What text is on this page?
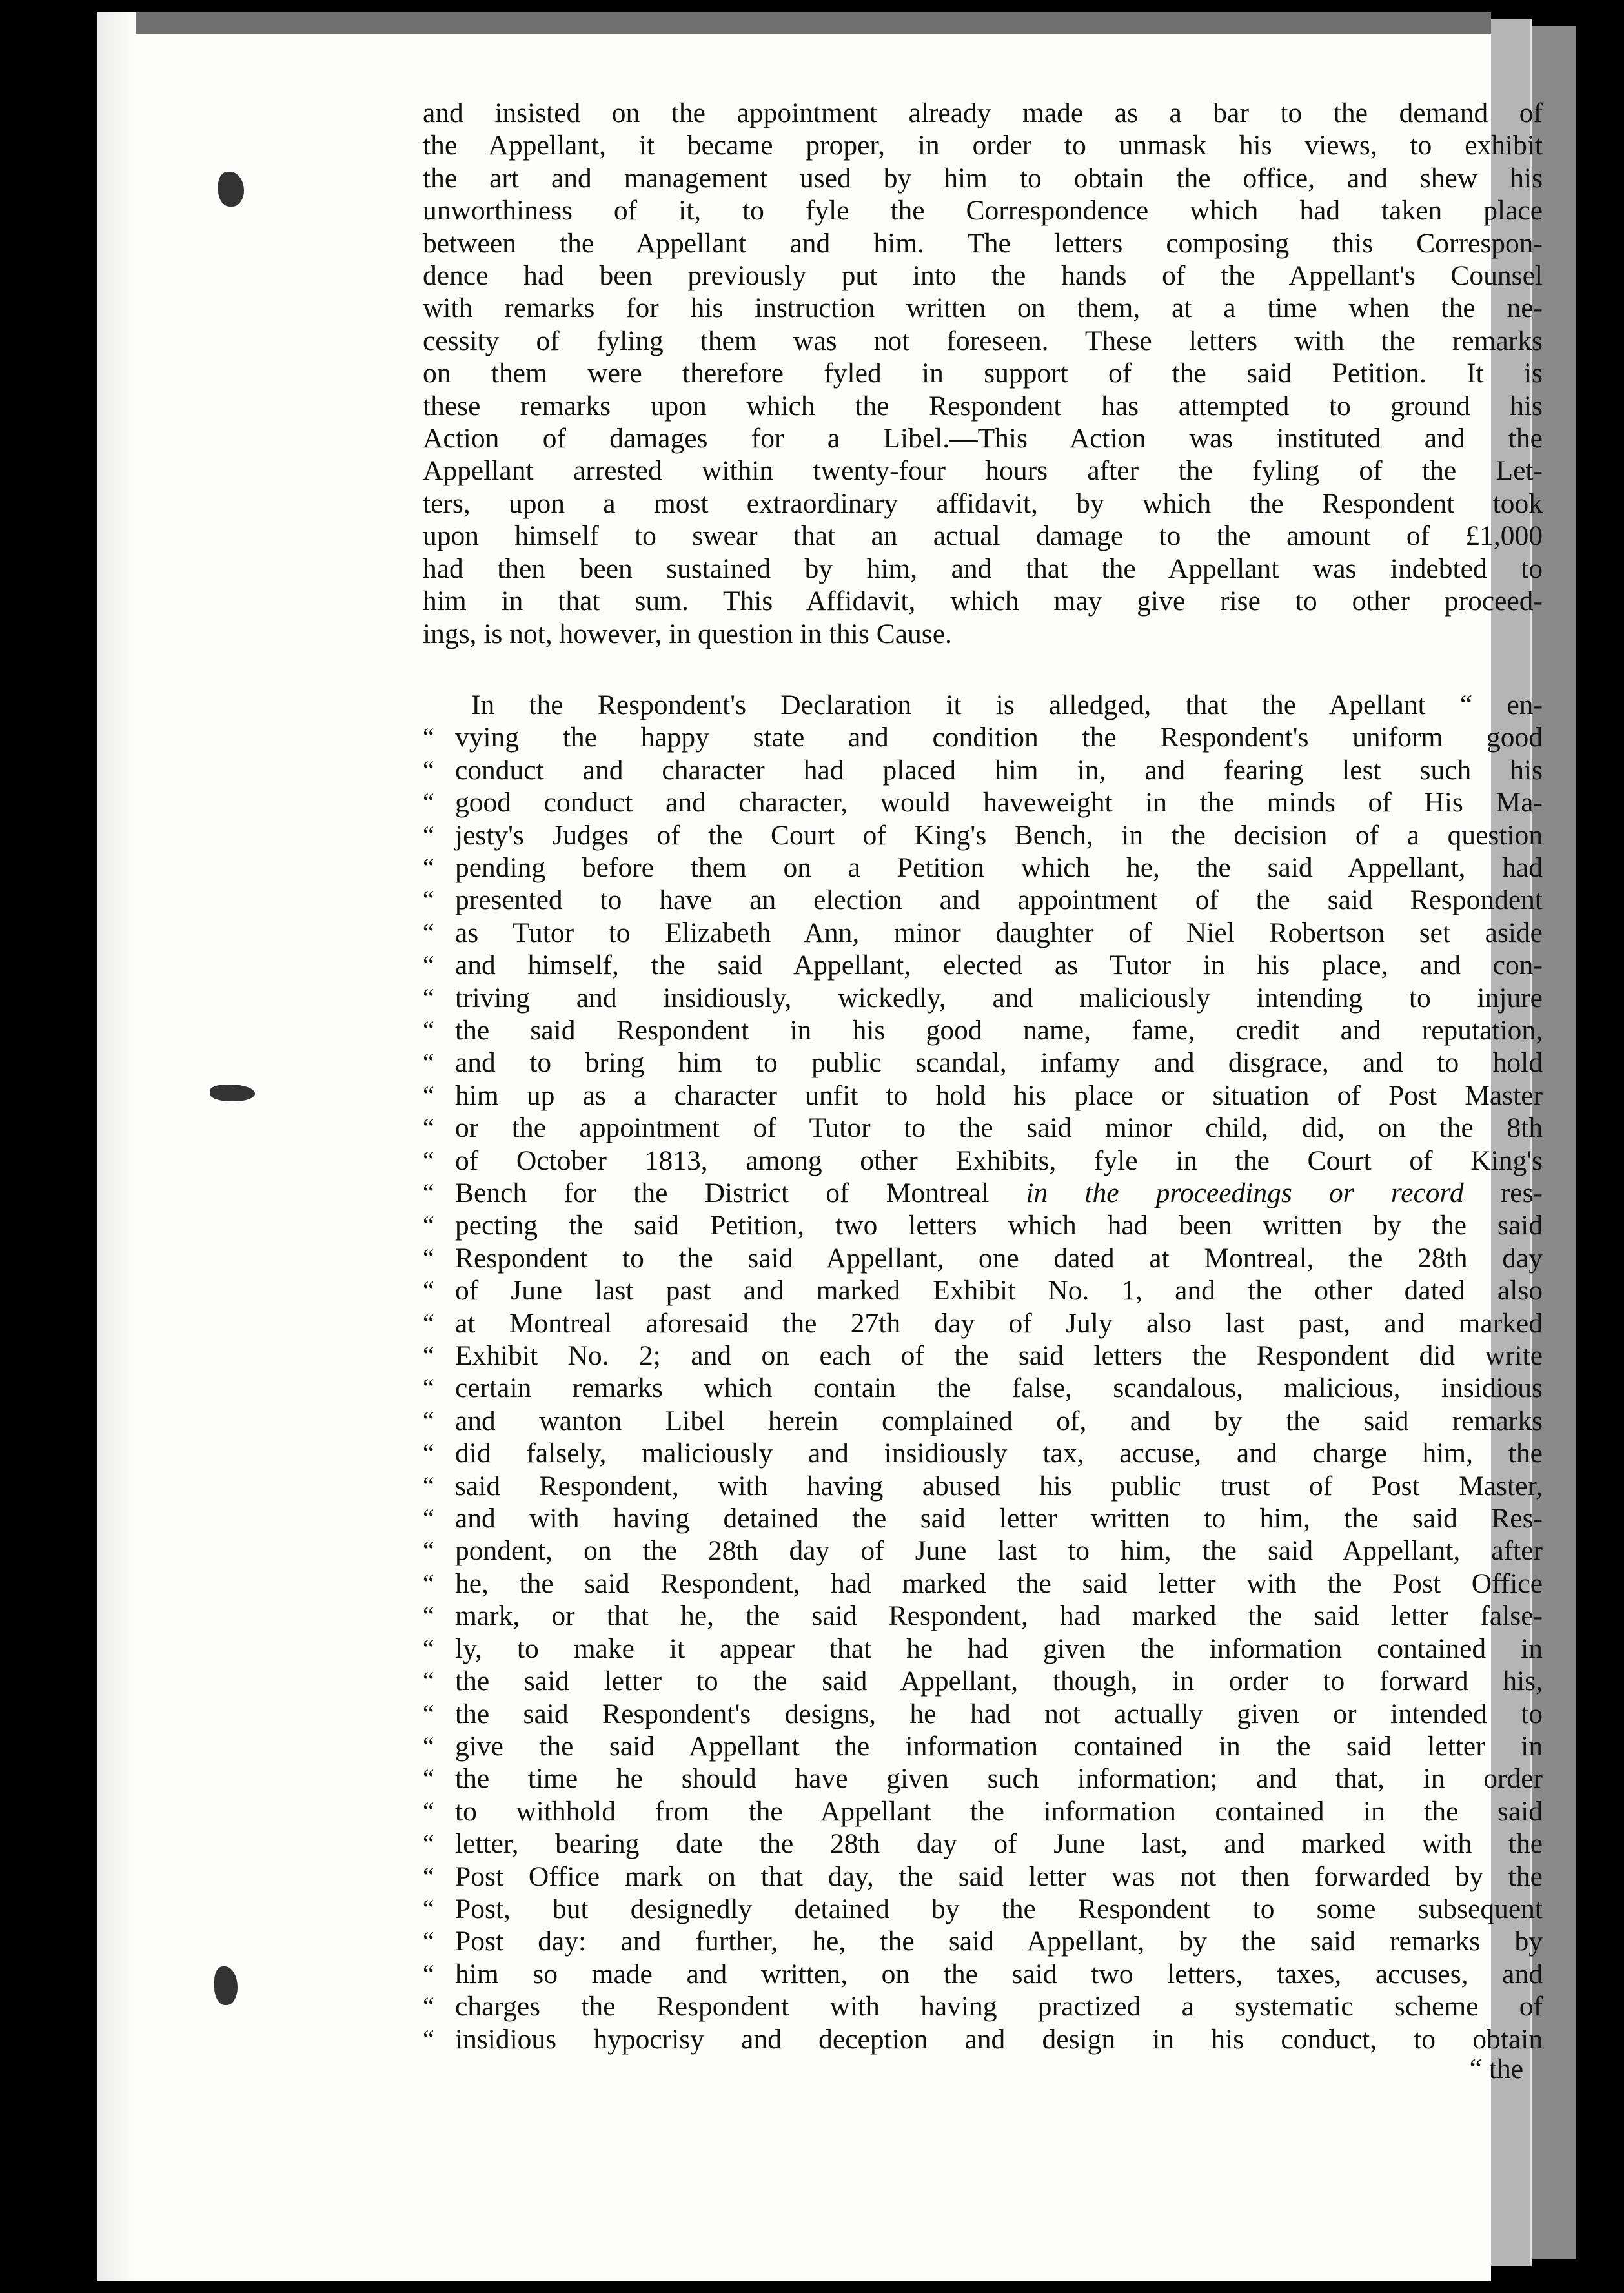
and insisted on the appointment already made as a bar to the demand of
the Appellant, it became proper, in order to unmask his views, to exhibit
the art and management used by him to obtain the office, and shew his
unworthiness of it, to fyle the Correspondence which had taken place
between the Appellant and him. The letters composing this Correspon-
dence had been previously put into the hands of the Appellant's Counsel
with remarks for his instruction written on them, at a time when the ne-
cessity of fyling them was not foreseen. These letters with the remarks
on them were therefore fyled in support of the said Petition. It is
these remarks upon which the Respondent has attempted to ground his
Action of damages for a Libel.—This Action was instituted and the
Appellant arrested within twenty-four hours after the fyling of the Let-
ters, upon a most extraordinary affidavit, by which the Respondent took
upon himself to swear that an actual damage to the amount of £1,000
had then been sustained by him, and that the Appellant was indebted to
him in that sum. This Affidavit, which may give rise to other proceed-
ings, is not, however, in question in this Cause.
In the Respondent's Declaration it is alledged, that the Apellant “ en-
“ vying the happy state and condition the Respondent's uniform good
“ conduct and character had placed him in, and fearing lest such his
“ good conduct and character, would haveweight in the minds of His Ma-
“ jesty's Judges of the Court of King's Bench, in the decision of a question
“ pending before them on a Petition which he, the said Appellant, had
“ presented to have an election and appointment of the said Respondent
“ as Tutor to Elizabeth Ann, minor daughter of Niel Robertson set aside
“ and himself, the said Appellant, elected as Tutor in his place, and con-
“ triving and insidiously, wickedly, and maliciously intending to injure
“ the said Respondent in his good name, fame, credit and reputation,
“ and to bring him to public scandal, infamy and disgrace, and to hold
“ him up as a character unfit to hold his place or situation of Post Master
“ or the appointment of Tutor to the said minor child, did, on the 8th
“ of October 1813, among other Exhibits, fyle in the Court of King's
“ Bench for the District of Montreal in the proceedings or record res-
“ pecting the said Petition, two letters which had been written by the said
“ Respondent to the said Appellant, one dated at Montreal, the 28th day
“ of June last past and marked Exhibit No. 1, and the other dated also
“ at Montreal aforesaid the 27th day of July also last past, and marked
“ Exhibit No. 2; and on each of the said letters the Respondent did write
“ certain remarks which contain the false, scandalous, malicious, insidious
“ and wanton Libel herein complained of, and by the said remarks
“ did falsely, maliciously and insidiously tax, accuse, and charge him, the
“ said Respondent, with having abused his public trust of Post Master,
“ and with having detained the said letter written to him, the said Res-
“ pondent, on the 28th day of June last to him, the said Appellant, after
“ he, the said Respondent, had marked the said letter with the Post Office
“ mark, or that he, the said Respondent, had marked the said letter false-
“ ly, to make it appear that he had given the information contained in
“ the said letter to the said Appellant, though, in order to forward his,
“ the said Respondent's designs, he had not actually given or intended to
“ give the said Appellant the information contained in the said letter in
“ the time he should have given such information; and that, in order
“ to withhold from the Appellant the information contained in the said
“ letter, bearing date the 28th day of June last, and marked with the
“ Post Office mark on that day, the said letter was not then forwarded by the
“ Post, but designedly detained by the Respondent to some subsequent
“ Post day: and further, he, the said Appellant, by the said remarks by
“ him so made and written, on the said two letters, taxes, accuses, and
“ charges the Respondent with having practized a systematic scheme of
“ insidious hypocrisy and deception and design in his conduct, to obtain
“ the
